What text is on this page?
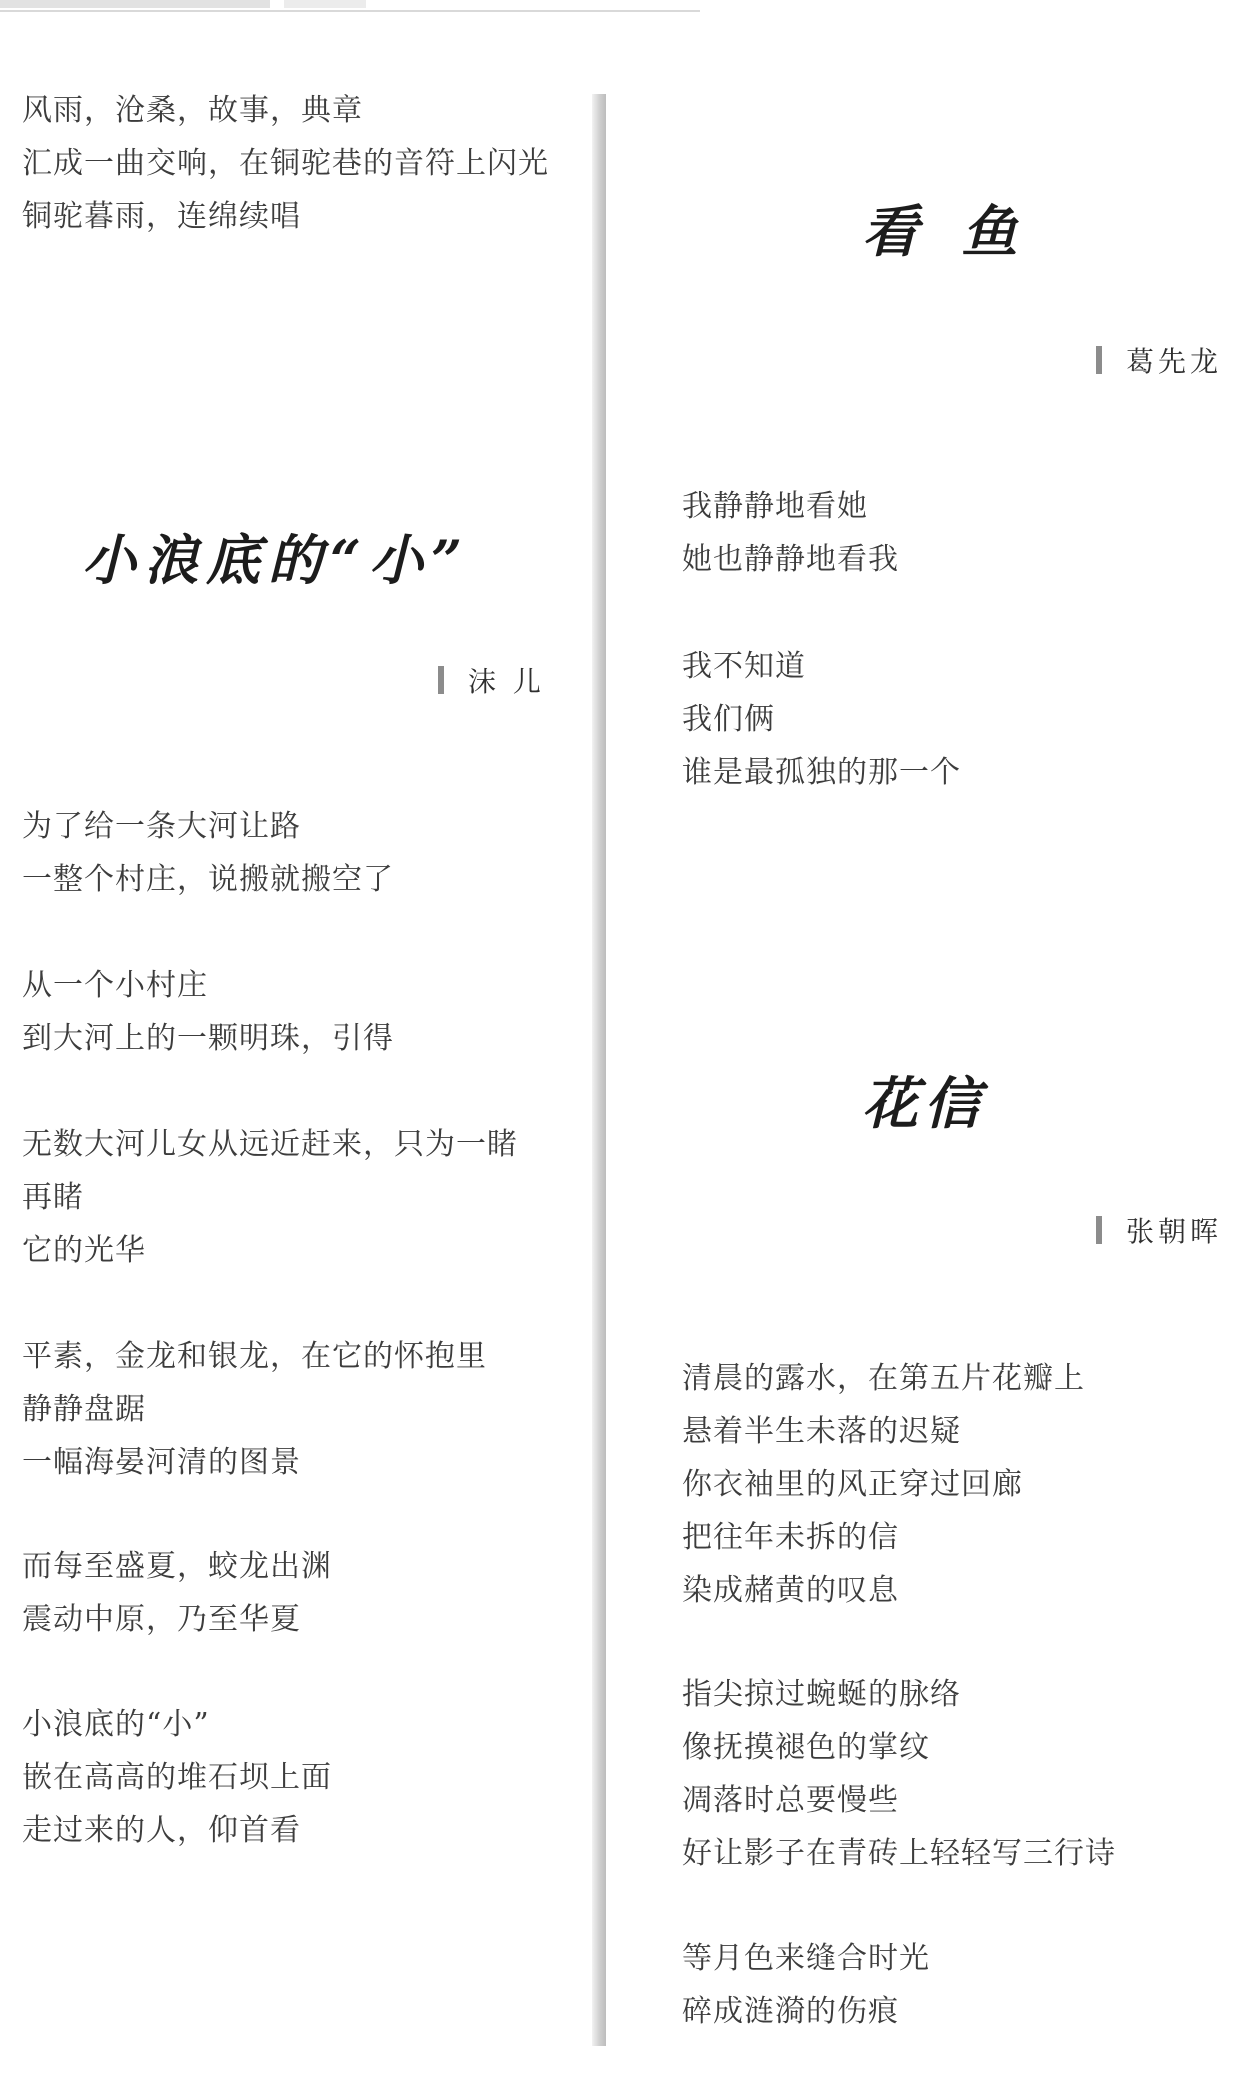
风雨，沧桑，故事，典章
汇成一曲交响，在铜驼巷的音符上闪光
铜驼暮雨，连绵续唱
小浪底的“小”
沫 儿
为了给一条大河让路
一整个村庄，说搬就搬空了
从一个小村庄
到大河上的一颗明珠，引得
无数大河儿女从远近赶来，只为一睹
再睹
它的光华
平素，金龙和银龙，在它的怀抱里
静静盘踞
一幅海晏河清的图景
而每至盛夏，蛟龙出渊
震动中原，乃至华夏
小浪底的“小”
嵌在高高的堆石坝上面
走过来的人，仰首看
看 鱼
葛先龙
我静静地看她
她也静静地看我
我不知道
我们俩
谁是最孤独的那一个
花信
张朝晖
清晨的露水，在第五片花瓣上
悬着半生未落的迟疑
你衣袖里的风正穿过回廊
把往年未拆的信
染成赭黄的叹息
指尖掠过蜿蜒的脉络
像抚摸褪色的掌纹
凋落时总要慢些
好让影子在青砖上轻轻写三行诗
等月色来缝合时光
碎成涟漪的伤痕
